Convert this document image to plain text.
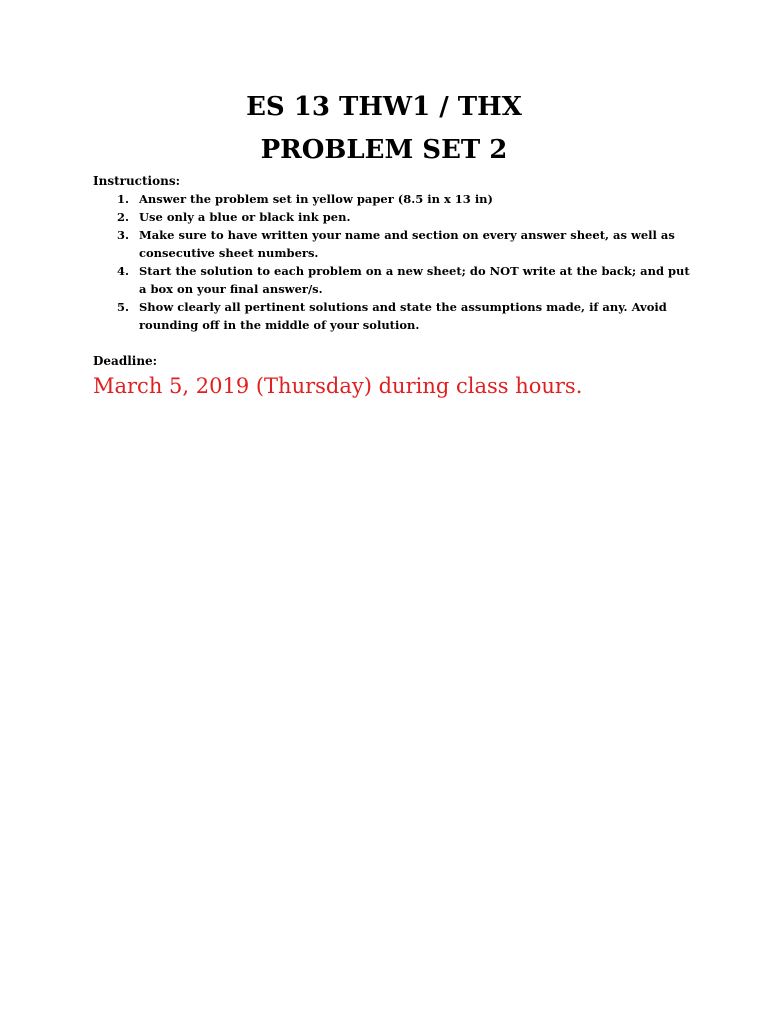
ES 13 THW1 / THX
PROBLEM SET 2
Instructions:
1. Answer the problem set in yellow paper (8.5 in x 13 in)
2. Use only a blue or black ink pen.
3. Make sure to have written your name and section on every answer sheet, as well as consecutive sheet numbers.
4. Start the solution to each problem on a new sheet; do NOT write at the back; and put a box on your final answer/s.
5. Show clearly all pertinent solutions and state the assumptions made, if any. Avoid rounding off in the middle of your solution.
Deadline:
March 5, 2019 (Thursday) during class hours.
